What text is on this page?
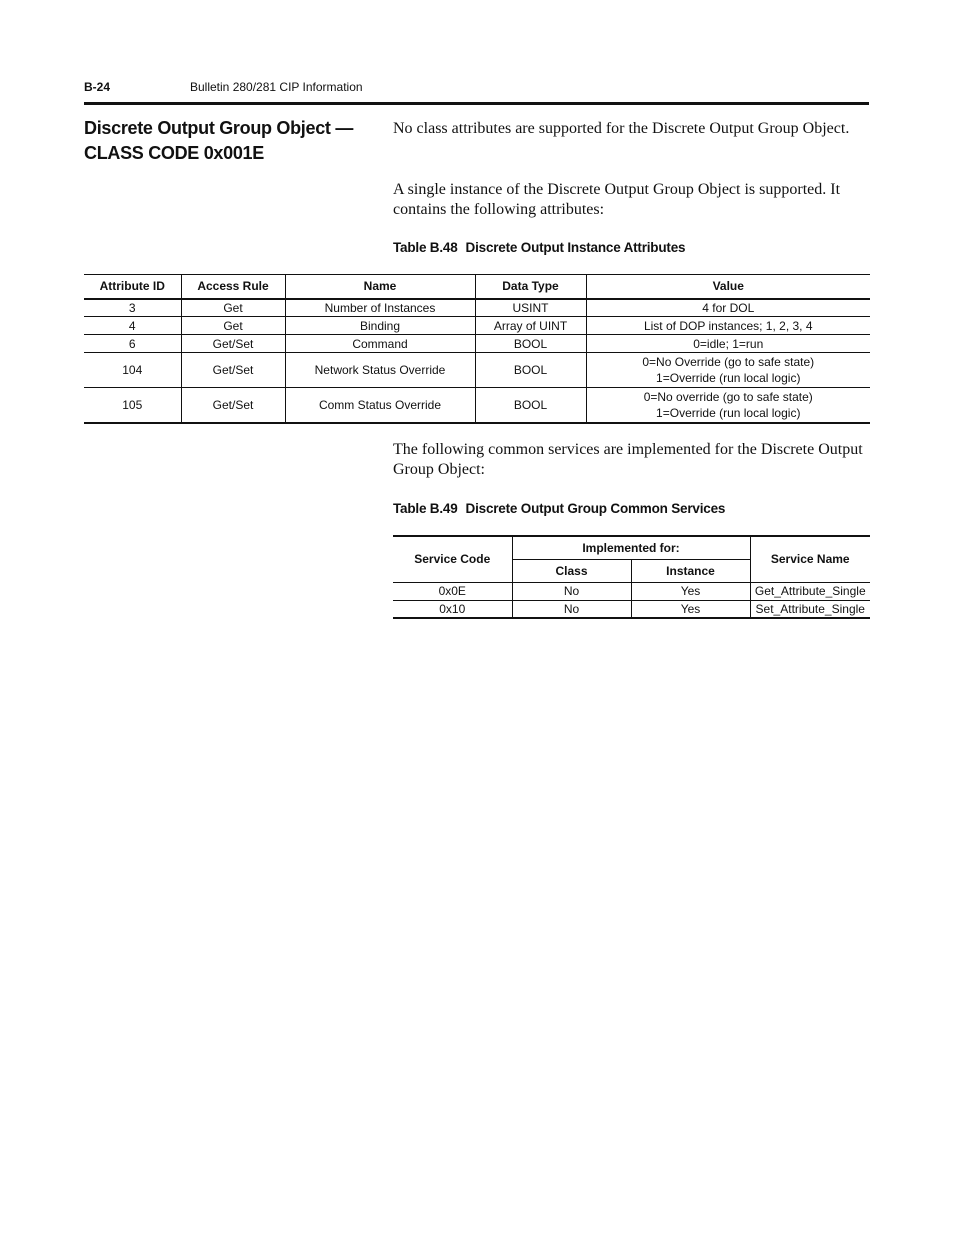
B-24	Bulletin 280/281 CIP Information
Discrete Output Group Object —
CLASS CODE 0x001E
No class attributes are supported for the Discrete Output Group Object.
A single instance of the Discrete Output Group Object is supported. It contains the following attributes:
Table B.48 Discrete Output Instance Attributes
Attribute ID	Access Rule	Name	Data Type	Value
3	Get	Number of Instances	USINT	4 for DOL
4	Get	Binding	Array of UINT	List of DOP instances; 1, 2, 3, 4
6	Get/Set	Command	BOOL	0=idle; 1=run
104	Get/Set	Network Status Override	BOOL	0=No Override (go to safe state)
1=Override (run local logic)

105	Get/Set	Comm Status Override	BOOL	0=No override (go to safe state)
1=Override (run local logic)
The following common services are implemented for the Discrete Output Group Object:
Table B.49 Discrete Output Group Common Services
Service Code	Implemented for:		Service Name
	Class	Instance	
0x0E	No	Yes	Get_Attribute_Single
0x10	No	Yes	Set_Attribute_Single
